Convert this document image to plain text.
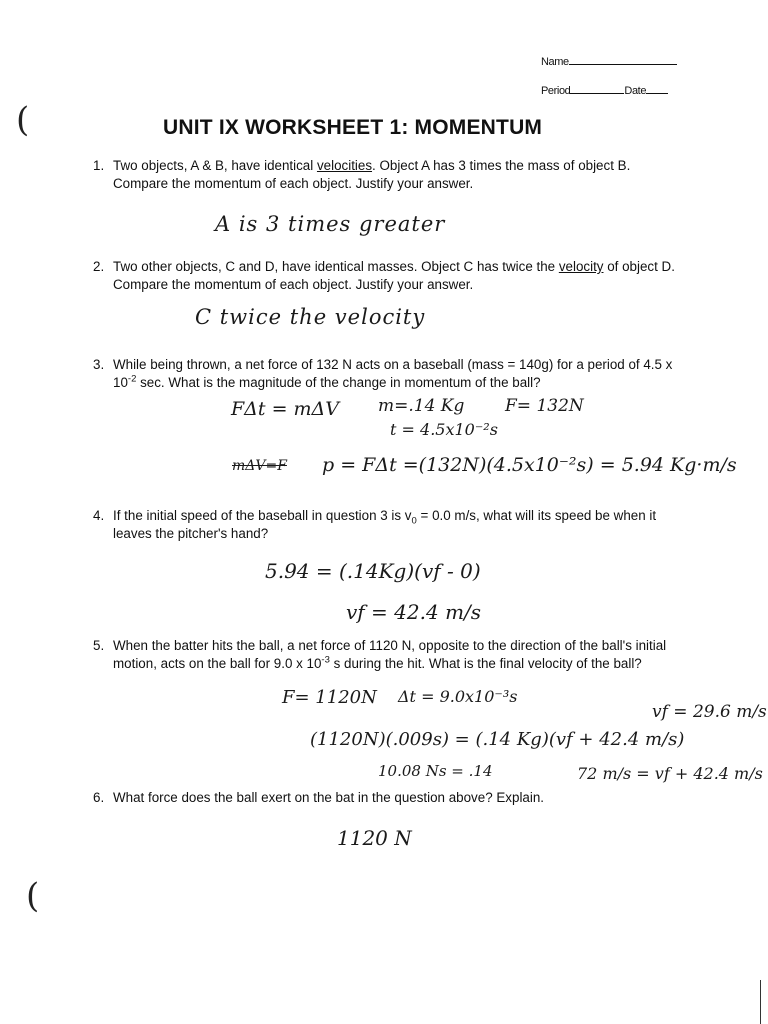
Name
Period	Date
(
(
UNIT IX WORKSHEET 1: MOMENTUM
1. Two objects, A & B, have identical velocities. Object A has 3 times the mass of object B. Compare the momentum of each object. Justify your answer.
A is 3 times greater
2. Two other objects, C and D, have identical masses. Object C has twice the velocity of object D. Compare the momentum of each object. Justify your answer.
C twice the velocity
3. While being thrown, a net force of 132 N acts on a baseball (mass = 140g) for a period of 4.5 x $10^{-2}$ sec. What is the magnitude of the change in momentum of the ball?
FΔt = mΔV m=.14 Kg F= 132N
t = 4.5x10⁻²s
mΔV=F p = FΔt =(132N)(4.5x10⁻²s) = 5.94 Kg·m/s
4. If the initial speed of the baseball in question 3 is $v_0 = 0.0$ m/s, what will its speed be when it leaves the pitcher's hand?
5.94 = (.14Kg)(vf - 0)
vf = 42.4 m/s
5. When the batter hits the ball, a net force of 1120 N, opposite to the direction of the ball's initial motion, acts on the ball for 9.0 x $10^{-3}$ s during the hit. What is the final velocity of the ball?
F= 1120N Δt = 9.0x10⁻³s
vf = 29.6 m/s
(1120N)(.009s) = (.14 Kg)(vf + 42.4 m/s)
10.08 Ns = .14	72 m/s = vf + 42.4 m/s
6. What force does the ball exert on the bat in the question above? Explain.
1120 N
